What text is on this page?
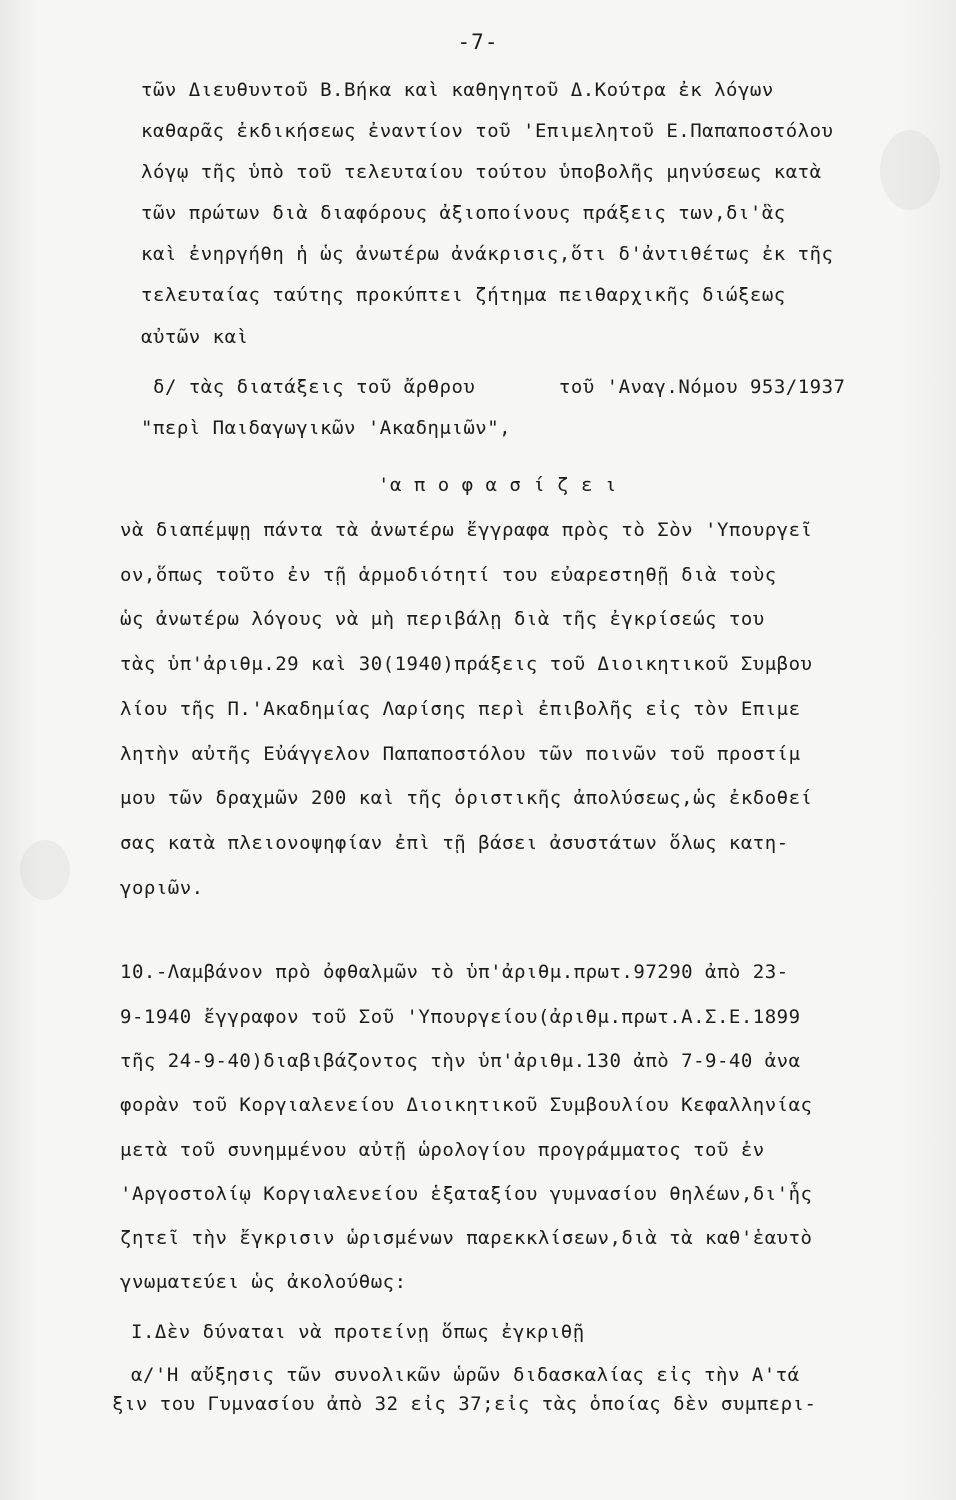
-7-
τῶν Διευθυντοῦ Β.Βήκα καὶ καθηγητοῦ Δ.Κούτρα ἐκ λόγων
καθαρᾶς ἐκδικήσεως ἐναντίον τοῦ 'Επιμελητοῦ Ε.Παπαποστόλου
λόγῳ τῆς ὑπὸ τοῦ τελευταίου τούτου ὑποβολῆς μηνύσεως κατὰ
τῶν πρώτων διὰ διαφόρους ἀξιοποίνους πράξεις των,δι'ἃς
καὶ ἐνηργήθη ἡ ὡς ἀνωτέρω ἀνάκρισις,ὅτι δ'ἀντιθέτως ἐκ τῆς
τελευταίας ταύτης προκύπτει ζήτημα πειθαρχικῆς διώξεως
αὐτῶν καὶ
δ/ τὰς διατάξεις τοῦ ἄρθρου       τοῦ 'Αναγ.Νόμου 953/1937
"περὶ Παιδαγωγικῶν 'Ακαδημιῶν",
'α π ο φ α σ ί ζ ε ι
νὰ διαπέμψῃ πάντα τὰ ἀνωτέρω ἔγγραφα πρὸς τὸ Σὸν 'Υπουργεῖ
ον,ὅπως τοῦτο ἐν τῇ ἁρμοδιότητί του εὐαρεστηθῇ διὰ τοὺς
ὡς ἀνωτέρω λόγους νὰ μὴ περιβάλῃ διὰ τῆς ἐγκρίσεώς του
τὰς ὑπ'ἀριθμ.29 καὶ 30(1940)πράξεις τοῦ Διοικητικοῦ Συμβου
λίου τῆς Π.'Ακαδημίας Λαρίσης περὶ ἐπιβολῆς εἰς τὸν Επιμε
λητὴν αὐτῆς Εὐάγγελον Παπαποστόλου τῶν ποινῶν τοῦ προστίμ
μου τῶν δραχμῶν 200 καὶ τῆς ὁριστικῆς ἀπολύσεως,ὡς ἐκδοθεί
σας κατὰ πλειονοψηφίαν ἐπὶ τῇ βάσει ἀσυστάτων ὅλως κατη-
γοριῶν.
10.-Λαμβάνον πρὸ ὀφθαλμῶν τὸ ὑπ'ἀριθμ.πρωτ.97290 ἀπὸ 23-
9-1940 ἔγγραφον τοῦ Σοῦ 'Υπουργείου(ἀριθμ.πρωτ.Α.Σ.Ε.1899
τῆς 24-9-40)διαβιβάζοντος τὴν ὑπ'ἀριθμ.130 ἀπὸ 7-9-40 ἀνα
φορὰν τοῦ Κοργιαλενείου Διοικητικοῦ Συμβουλίου Κεφαλληνίας
μετὰ τοῦ συνημμένου αὐτῇ ὡρολογίου προγράμματος τοῦ ἐν
'Αργοστολίῳ Κοργιαλενείου ἑξαταξίου γυμνασίου θηλέων,δι'ἧς
ζητεῖ τὴν ἔγκρισιν ὡρισμένων παρεκκλίσεων,διὰ τὰ καθ'ἑαυτὸ
γνωματεύει ὡς ἀκολούθως:
Ι.Δὲν δύναται νὰ προτείνῃ ὅπως ἐγκριθῇ
α/'Η αὔξησις τῶν συνολικῶν ὡρῶν διδασκαλίας εἰς τὴν Α'τά
ξιν του Γυμνασίου ἀπὸ 32 εἰς 37;εἰς τὰς ὁποίας δὲν συμπερι-
